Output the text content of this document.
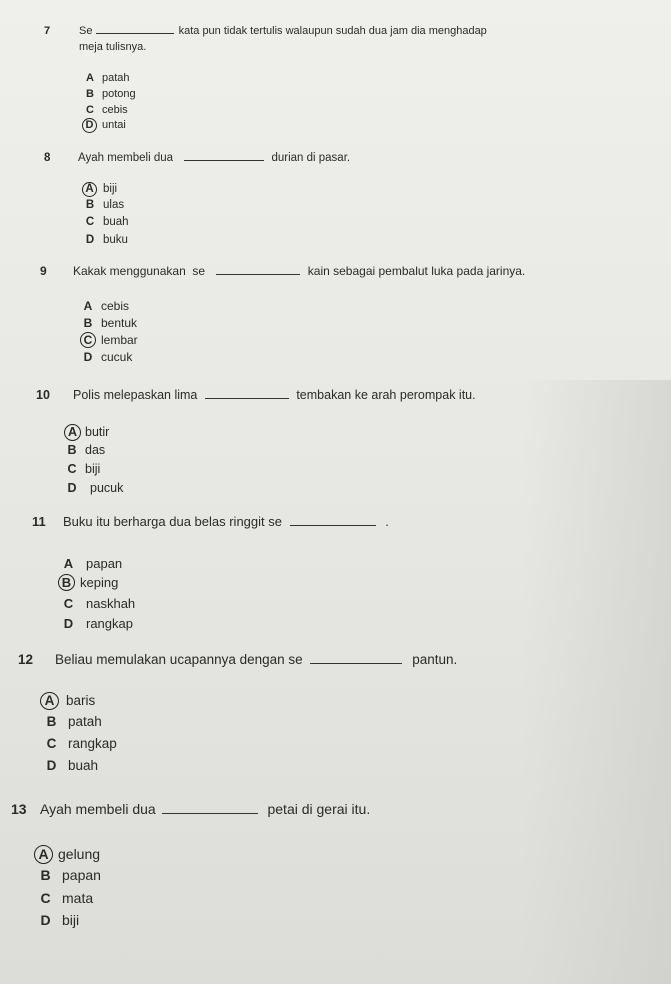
7	Se	kata pun tidak tertulis walaupun sudah dua jam dia menghadap
meja tulisnya.
A patah
B potong
C cebis
D untai
8 Ayah membeli dua	durian di pasar.
A biji
B ulas
C buah
D buku
9 Kakak menggunakan  se	kain sebagai pembalut luka pada jarinya.
A cebis
B bentuk
C lembar
D cucuk
10 Polis melepaskan lima	tembakan ke arah perompak itu.
A butir
B das
C biji
D pucuk
11 Buku itu berharga dua belas ringgit se	.
A papan
B keping
C naskhah
D rangkap
12 Beliau memulakan ucapannya dengan se	pantun.
A baris
B patah
C rangkap
D buah
13 Ayah membeli dua	petai di gerai itu.
A gelung
B papan
C mata
D biji
